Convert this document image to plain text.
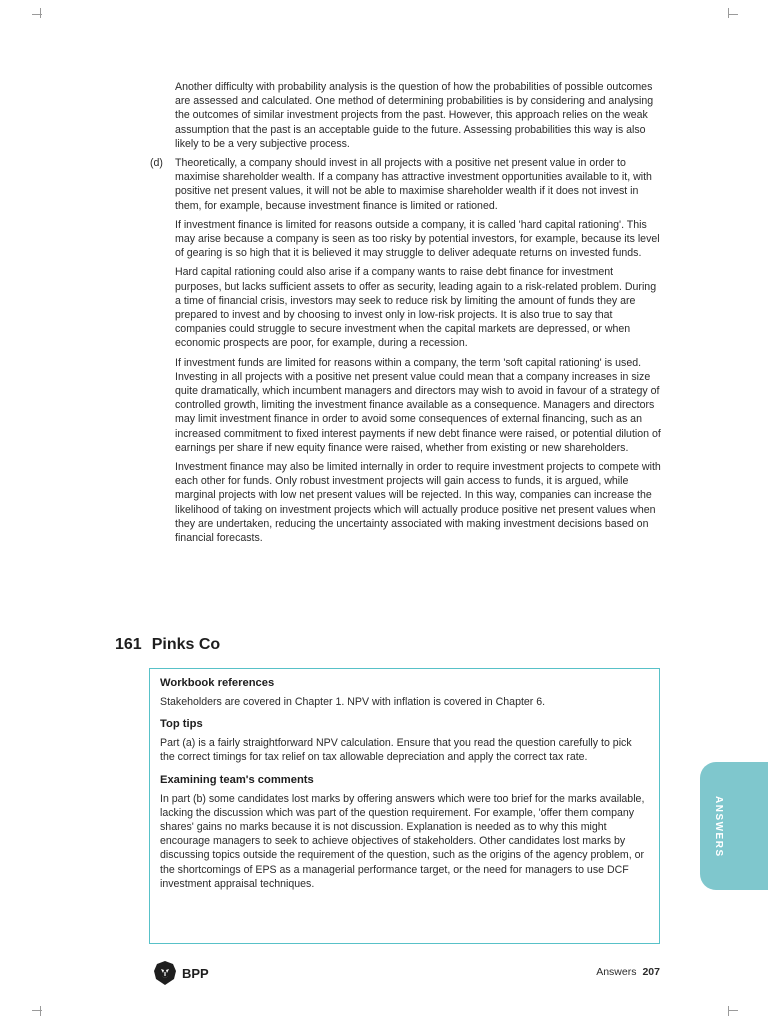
Another difficulty with probability analysis is the question of how the probabilities of possible outcomes are assessed and calculated. One method of determining probabilities is by considering and analysing the outcomes of similar investment projects from the past. However, this approach relies on the weak assumption that the past is an acceptable guide to the future. Assessing probabilities this way is also likely to be a very subjective process.

(d) Theoretically, a company should invest in all projects with a positive net present value in order to maximise shareholder wealth. If a company has attractive investment opportunities available to it, with positive net present values, it will not be able to maximise shareholder wealth if it does not invest in them, for example, because investment finance is limited or rationed.

If investment finance is limited for reasons outside a company, it is called 'hard capital rationing'. This may arise because a company is seen as too risky by potential investors, for example, because its level of gearing is so high that it is believed it may struggle to deliver adequate returns on invested funds.

Hard capital rationing could also arise if a company wants to raise debt finance for investment purposes, but lacks sufficient assets to offer as security, leading again to a risk-related problem. During a time of financial crisis, investors may seek to reduce risk by limiting the amount of funds they are prepared to invest and by choosing to invest only in low-risk projects. It is also true to say that companies could struggle to secure investment when the capital markets are depressed, or when economic prospects are poor, for example, during a recession.

If investment funds are limited for reasons within a company, the term 'soft capital rationing' is used. Investing in all projects with a positive net present value could mean that a company increases in size quite dramatically, which incumbent managers and directors may wish to avoid in favour of a strategy of controlled growth, limiting the investment finance available as a consequence. Managers and directors may limit investment finance in order to avoid some consequences of external financing, such as an increased commitment to fixed interest payments if new debt finance were raised, or potential dilution of earnings per share if new equity finance were raised, whether from existing or new shareholders.

Investment finance may also be limited internally in order to require investment projects to compete with each other for funds. Only robust investment projects will gain access to funds, it is argued, while marginal projects with low net present values will be rejected. In this way, companies can increase the likelihood of taking on investment projects which will actually produce positive net present values when they are undertaken, reducing the uncertainty associated with making investment decisions based on financial forecasts.

161 Pinks Co
Workbook references

Stakeholders are covered in Chapter 1. NPV with inflation is covered in Chapter 6.

Top tips

Part (a) is a fairly straightforward NPV calculation. Ensure that you read the question carefully to pick the correct timings for tax relief on tax allowable depreciation and apply the correct tax rate.

Examining team's comments

In part (b) some candidates lost marks by offering answers which were too brief for the marks available, lacking the discussion which was part of the question requirement. For example, 'offer them company shares' gains no marks because it is not discussion. Explanation is needed as to why this might encourage managers to seek to achieve objectives of stakeholders. Other candidates lost marks by discussing topics outside the requirement of the question, such as the origins of the agency problem, or the shortcomings of EPS as a managerial performance target, or the need for managers to use DCF investment appraisal techniques.

ANSWERS
BPP	Answers 207
